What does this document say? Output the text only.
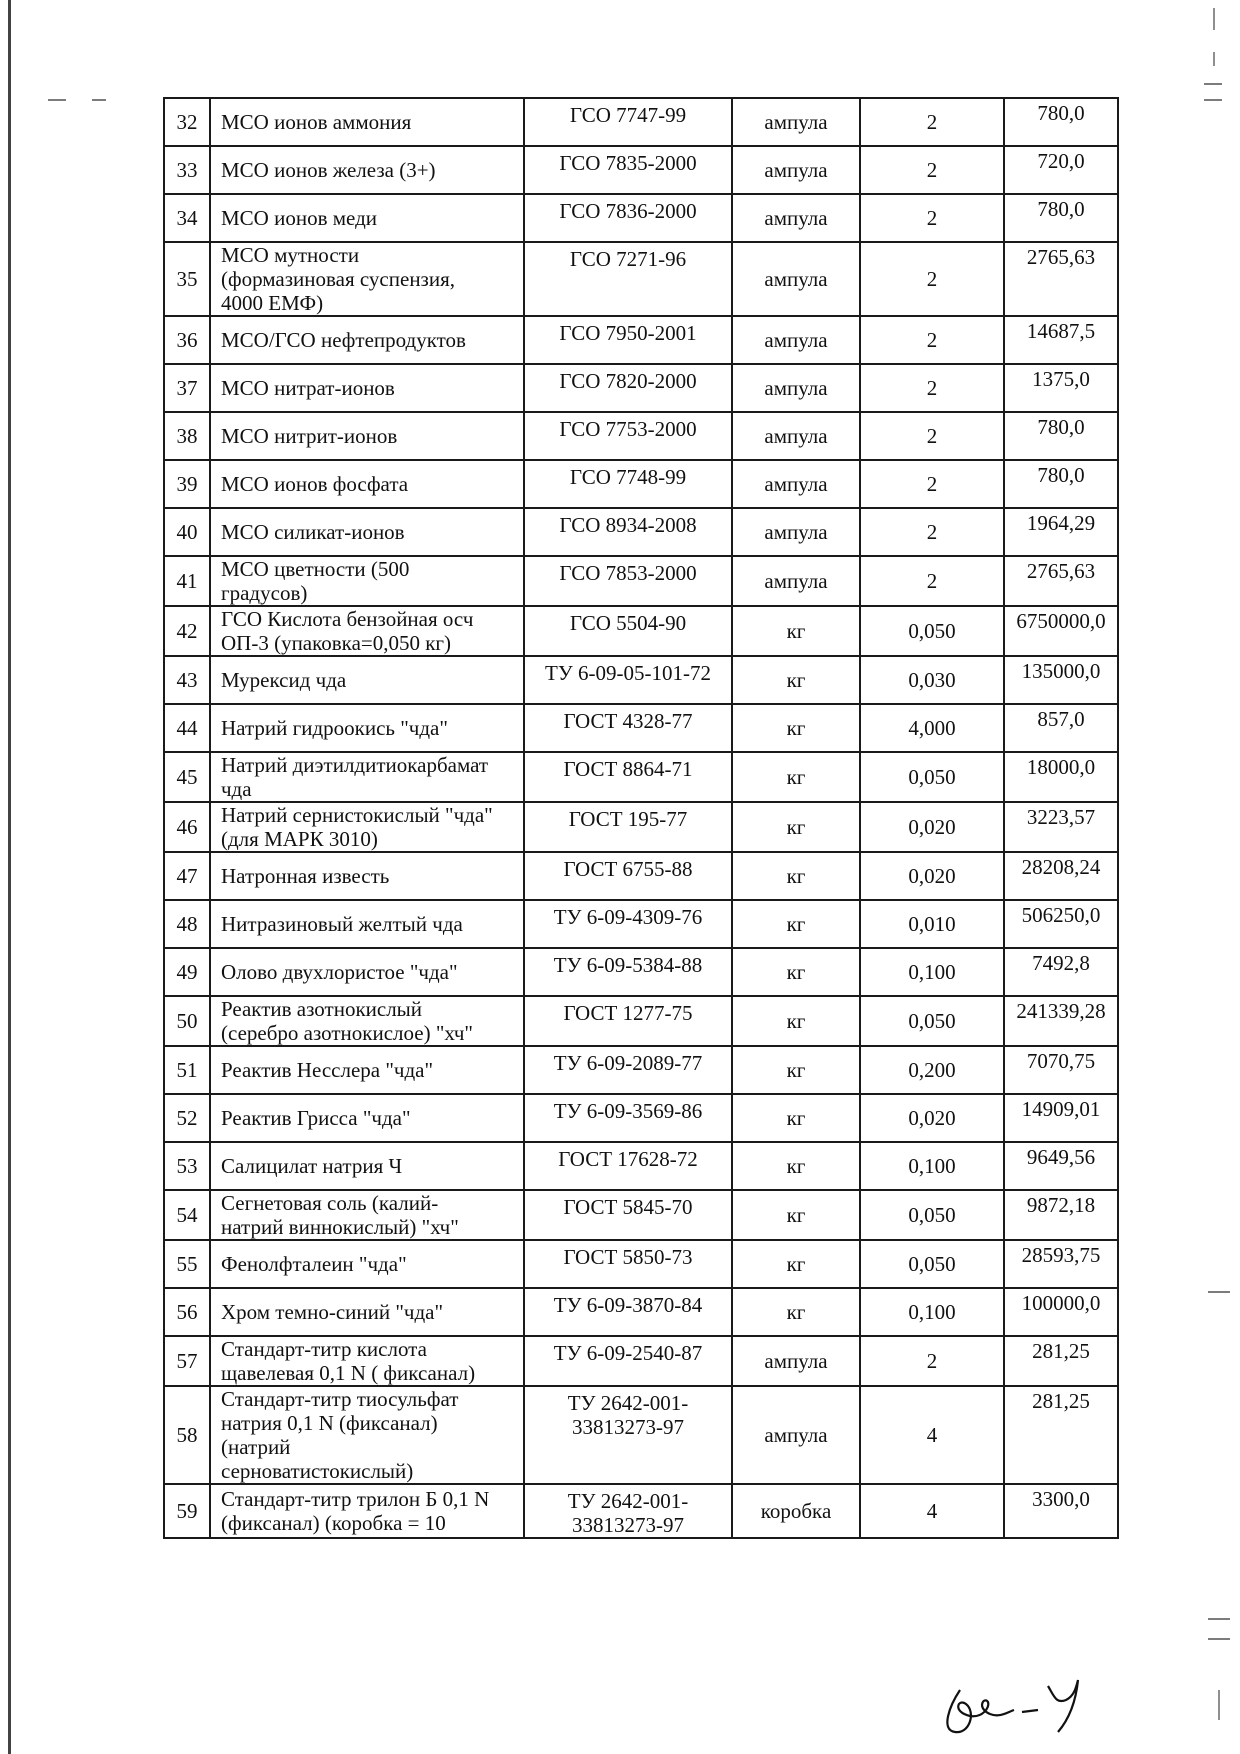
32	МСО ионов аммония	ГСО 7747-99	ампула	2	780,0
33	МСО ионов железа (3+)	ГСО 7835-2000	ампула	2	720,0
34	МСО ионов меди	ГСО 7836-2000	ампула	2	780,0
35	МСО мутности
(формазиновая суспензия,
4000 ЕМФ)	ГСО 7271-96	ампула	2	2765,63
36	МСО/ГСО нефтепродуктов	ГСО 7950-2001	ампула	2	14687,5
37	МСО нитрат-ионов	ГСО 7820-2000	ампула	2	1375,0
38	МСО нитрит-ионов	ГСО 7753-2000	ампула	2	780,0
39	МСО ионов фосфата	ГСО 7748-99	ампула	2	780,0
40	МСО силикат-ионов	ГСО 8934-2008	ампула	2	1964,29
41	МСО цветности (500
градусов)	ГСО 7853-2000	ампула	2	2765,63
42	ГСО Кислота бензойная осч
ОП-3 (упаковка=0,050 кг)	ГСО 5504-90	кг	0,050	6750000,0
43	Мурексид чда	ТУ 6-09-05-101-72	кг	0,030	135000,0
44	Натрий гидроокись "чда"	ГОСТ 4328-77	кг	4,000	857,0
45	Натрий диэтилдитиокарбамат
чда	ГОСТ 8864-71	кг	0,050	18000,0
46	Натрий сернистокислый "чда"
(для МАРК 3010)	ГОСТ 195-77	кг	0,020	3223,57
47	Натронная известь	ГОСТ 6755-88	кг	0,020	28208,24
48	Нитразиновый желтый чда	ТУ 6-09-4309-76	кг	0,010	506250,0
49	Олово двухлористое "чда"	ТУ 6-09-5384-88	кг	0,100	7492,8
50	Реактив азотнокислый
(серебро азотнокислое) "хч"	ГОСТ 1277-75	кг	0,050	241339,28
51	Реактив Несслера "чда"	ТУ 6-09-2089-77	кг	0,200	7070,75
52	Реактив Грисса "чда"	ТУ 6-09-3569-86	кг	0,020	14909,01
53	Салицилат натрия Ч	ГОСТ 17628-72	кг	0,100	9649,56
54	Сегнетовая соль (калий-
натрий виннокислый) "хч"	ГОСТ 5845-70	кг	0,050	9872,18
55	Фенолфталеин "чда"	ГОСТ 5850-73	кг	0,050	28593,75
56	Хром темно-синий "чда"	ТУ 6-09-3870-84	кг	0,100	100000,0
57	Стандарт-титр кислота
щавелевая 0,1 N ( фиксанал)	ТУ 6-09-2540-87	ампула	2	281,25
58	Стандарт-титр тиосульфат
натрия 0,1 N (фиксанал)
(натрий
серноватистокислый)	ТУ 2642-001-
33813273-97	ампула	4	281,25
59	Стандарт-титр трилон Б 0,1 N
(фиксанал) (коробка = 10	ТУ 2642-001-
33813273-97	коробка	4	3300,0
